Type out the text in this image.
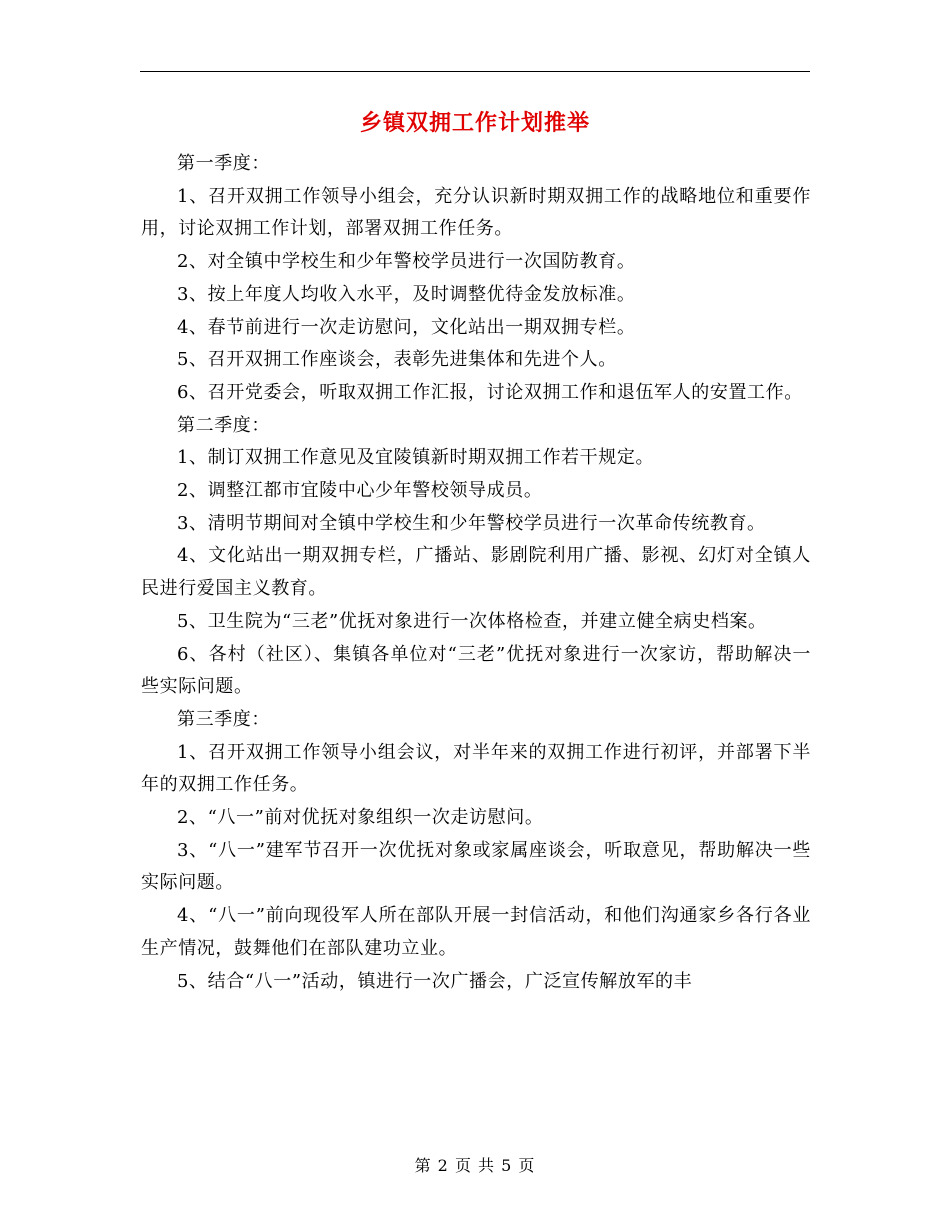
乡镇双拥工作计划推举

第一季度：

1、召开双拥工作领导小组会，充分认识新时期双拥工作的战略地位和重要作用，讨论双拥工作计划，部署双拥工作任务。

2、对全镇中学校生和少年警校学员进行一次国防教育。

3、按上年度人均收入水平，及时调整优待金发放标准。

4、春节前进行一次走访慰问，文化站出一期双拥专栏。

5、召开双拥工作座谈会，表彰先进集体和先进个人。

6、召开党委会，听取双拥工作汇报，讨论双拥工作和退伍军人的安置工作。

第二季度：

1、制订双拥工作意见及宜陵镇新时期双拥工作若干规定。

2、调整江都市宜陵中心少年警校领导成员。

3、清明节期间对全镇中学校生和少年警校学员进行一次革命传统教育。

4、文化站出一期双拥专栏，广播站、影剧院利用广播、影视、幻灯对全镇人民进行爱国主义教育。

5、卫生院为“三老”优抚对象进行一次体格检查，并建立健全病史档案。

6、各村（社区）、集镇各单位对“三老”优抚对象进行一次家访，帮助解决一些实际问题。

第三季度：

1、召开双拥工作领导小组会议，对半年来的双拥工作进行初评，并部署下半年的双拥工作任务。

2、“八一”前对优抚对象组织一次走访慰问。

3、“八一”建军节召开一次优抚对象或家属座谈会，听取意见，帮助解决一些实际问题。

4、“八一”前向现役军人所在部队开展一封信活动，和他们沟通家乡各行各业生产情况，鼓舞他们在部队建功立业。

5、结合“八一”活动，镇进行一次广播会，广泛宣传解放军的丰

第 2 页 共 5 页
